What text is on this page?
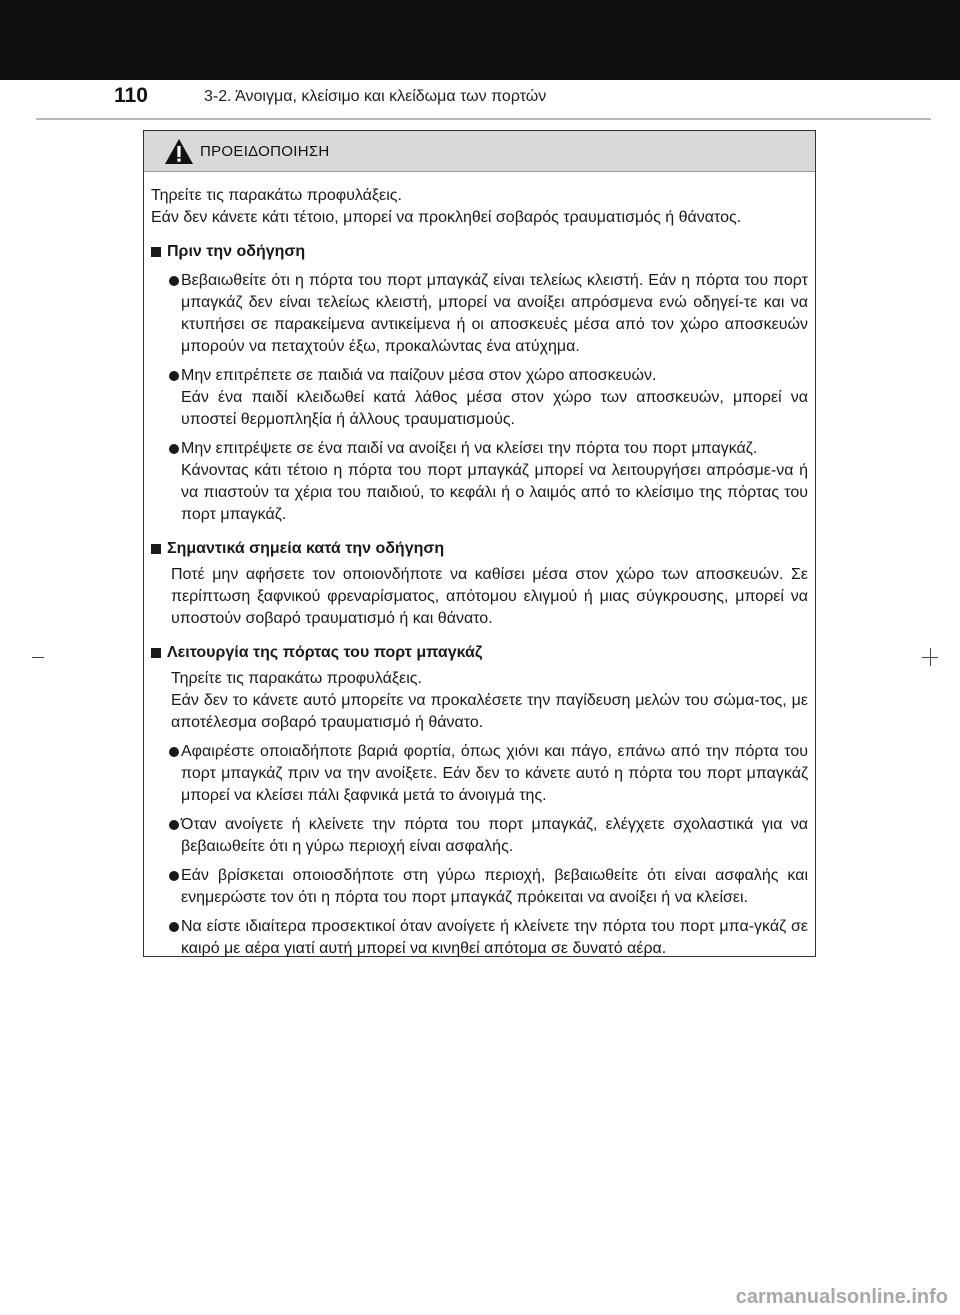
110	3-2. Άνοιγμα, κλείσιμο και κλείδωμα των πορτών
ΠΡΟΕΙΔΟΠΟΙΗΣΗ

Τηρείτε τις παρακάτω προφυλάξεις.

Εάν δεν κάνετε κάτι τέτοιο, μπορεί να προκληθεί σοβαρός τραυματισμός ή θάνατος.

Πριν την οδήγηση
Βεβαιωθείτε ότι η πόρτα του πορτ μπαγκάζ είναι τελείως κλειστή. Εάν η πόρτα του πορτ μπαγκάζ δεν είναι τελείως κλειστή, μπορεί να ανοίξει απρόσμενα ενώ οδηγεί-τε και να κτυπήσει σε παρακείμενα αντικείμενα ή οι αποσκευές μέσα από τον χώρο αποσκευών μπορούν να πεταχτούν έξω, προκαλώντας ένα ατύχημα.
Μην επιτρέπετε σε παιδιά να παίζουν μέσα στον χώρο αποσκευών.
Εάν ένα παιδί κλειδωθεί κατά λάθος μέσα στον χώρο των αποσκευών, μπορεί να υποστεί θερμοπληξία ή άλλους τραυματισμούς.
Μην επιτρέψετε σε ένα παιδί να ανοίξει ή να κλείσει την πόρτα του πορτ μπαγκάζ.
Κάνοντας κάτι τέτοιο η πόρτα του πορτ μπαγκάζ μπορεί να λειτουργήσει απρόσμε-να ή να πιαστούν τα χέρια του παιδιού, το κεφάλι ή ο λαιμός από το κλείσιμο της πόρτας του πορτ μπαγκάζ.
Σημαντικά σημεία κατά την οδήγηση
Ποτέ μην αφήσετε τον οποιονδήποτε να καθίσει μέσα στον χώρο των αποσκευών. Σε περίπτωση ξαφνικού φρεναρίσματος, απότομου ελιγμού ή μιας σύγκρουσης, μπορεί να υποστούν σοβαρό τραυματισμό ή και θάνατο.
Λειτουργία της πόρτας του πορτ μπαγκάζ
Τηρείτε τις παρακάτω προφυλάξεις.
Εάν δεν το κάνετε αυτό μπορείτε να προκαλέσετε την παγίδευση μελών του σώμα-τος, με αποτέλεσμα σοβαρό τραυματισμό ή θάνατο.
Αφαιρέστε οποιαδήποτε βαριά φορτία, όπως χιόνι και πάγο, επάνω από την πόρτα του πορτ μπαγκάζ πριν να την ανοίξετε. Εάν δεν το κάνετε αυτό η πόρτα του πορτ μπαγκάζ μπορεί να κλείσει πάλι ξαφνικά μετά το άνοιγμά της.
Όταν ανοίγετε ή κλείνετε την πόρτα του πορτ μπαγκάζ, ελέγχετε σχολαστικά για να βεβαιωθείτε ότι η γύρω περιοχή είναι ασφαλής.
Εάν βρίσκεται οποιοσδήποτε στη γύρω περιοχή, βεβαιωθείτε ότι είναι ασφαλής και ενημερώστε τον ότι η πόρτα του πορτ μπαγκάζ πρόκειται να ανοίξει ή να κλείσει.
Να είστε ιδιαίτερα προσεκτικοί όταν ανοίγετε ή κλείνετε την πόρτα του πορτ μπα-γκάζ σε καιρό με αέρα γιατί αυτή μπορεί να κινηθεί απότομα σε δυνατό αέρα.
carmanualsonline.info
